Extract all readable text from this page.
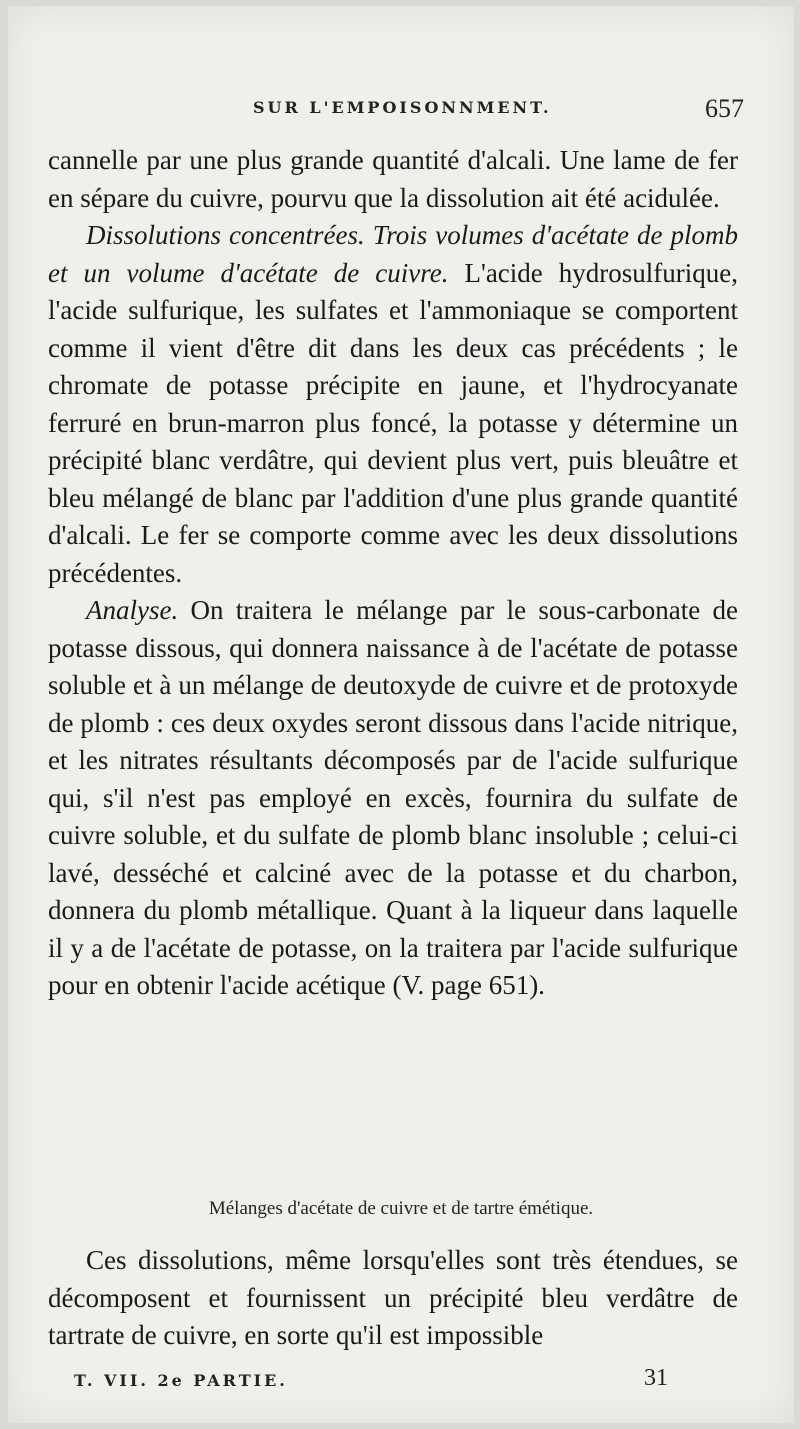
SUR L'EMPOISONNMENT.	657

cannelle par une plus grande quantité d'alcali. Une lame de fer en sépare du cuivre, pourvu que la dissolution ait été acidulée.

Dissolutions concentrées. Trois volumes d'acétate de plomb et un volume d'acétate de cuivre. L'acide hydrosulfurique, l'acide sulfurique, les sulfates et l'ammoniaque se comportent comme il vient d'être dit dans les deux cas précédents ; le chromate de potasse précipite en jaune, et l'hydrocyanate ferruré en brun-marron plus foncé, la potasse y détermine un précipité blanc verdâtre, qui devient plus vert, puis bleuâtre et bleu mélangé de blanc par l'addition d'une plus grande quantité d'alcali. Le fer se comporte comme avec les deux dissolutions précédentes.

Analyse. On traitera le mélange par le sous-carbonate de potasse dissous, qui donnera naissance à de l'acétate de potasse soluble et à un mélange de deutoxyde de cuivre et de protoxyde de plomb : ces deux oxydes seront dissous dans l'acide nitrique, et les nitrates résultants décomposés par de l'acide sulfurique qui, s'il n'est pas employé en excès, fournira du sulfate de cuivre soluble, et du sulfate de plomb blanc insoluble ; celui-ci lavé, desséché et calciné avec de la potasse et du charbon, donnera du plomb métallique. Quant à la liqueur dans laquelle il y a de l'acétate de potasse, on la traitera par l'acide sulfurique pour en obtenir l'acide acétique (V. page 651).

Mélanges d'acétate de cuivre et de tartre émétique.

Ces dissolutions, même lorsqu'elles sont très étendues, se décomposent et fournissent un précipité bleu verdâtre de tartrate de cuivre, en sorte qu'il est impossible

T. VII. 2e PARTIE.	31
